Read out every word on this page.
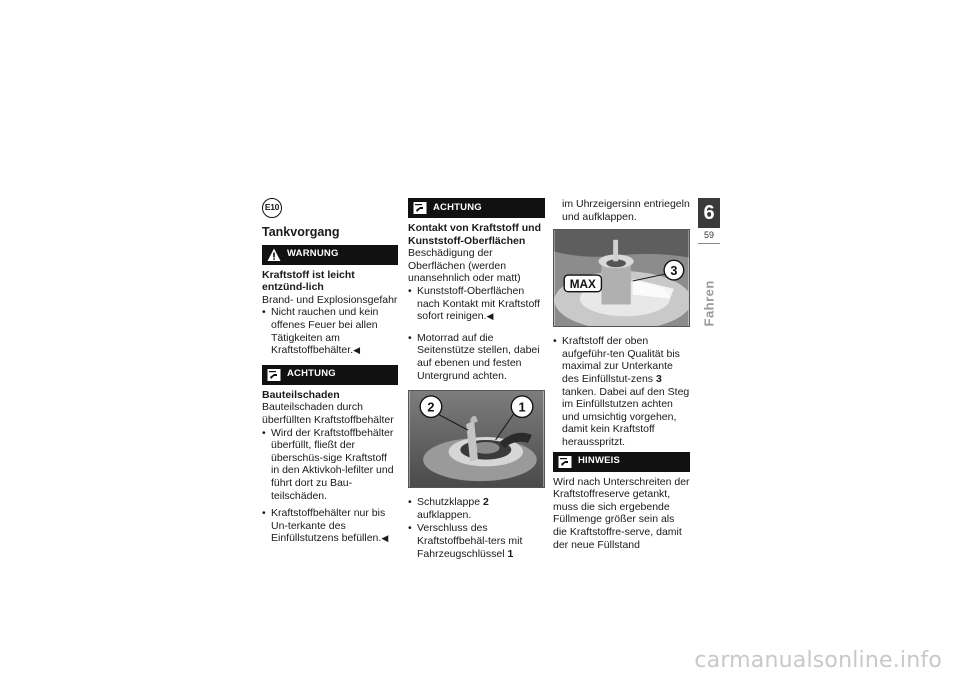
E10
Tankvorgang
WARNUNG
Kraftstoff ist leicht entzünd-lich
Brand- und Explosionsgefahr
• Nicht rauchen und kein offenes Feuer bei allen Tätigkeiten am Kraftstoffbehälter.◀
ACHTUNG
Bauteilschaden
Bauteilschaden durch überfüllten Kraftstoffbehälter
• Wird der Kraftstoffbehälter überfüllt, fließt der überschüs-sige Kraftstoff in den Aktivkoh-lefilter und führt dort zu Bau-teilschäden.
• Kraftstoffbehälter nur bis Un-terkante des Einfüllstutzens befüllen.◀
ACHTUNG
Kontakt von Kraftstoff und Kunststoff-Oberflächen
Beschädigung der Oberflächen (werden unansehnlich oder matt)
• Kunststoff-Oberflächen nach Kontakt mit Kraftstoff sofort reinigen.◀
• Motorrad auf die Seitenstütze stellen, dabei auf ebenen und festen Untergrund achten.
2	1
• Schutzklappe 2 aufklappen.
• Verschluss des Kraftstoffbehäl-ters mit Fahrzeugschlüssel 1
im Uhrzeigersinn entriegeln und aufklappen.
MAX
3
• Kraftstoff der oben aufgeführ-ten Qualität bis maximal zur Unterkante des Einfüllstut-zens 3 tanken. Dabei auf den Steg im Einfüllstutzen achten und umsichtig vorgehen, damit kein Kraftstoff herausspritzt.
HINWEIS
Wird nach Unterschreiten der Kraftstoffreserve getankt, muss die sich ergebende Füllmenge größer sein als die Kraftstoffre-serve, damit der neue Füllstand
6
59
Fahren
carmanualsonline.info
